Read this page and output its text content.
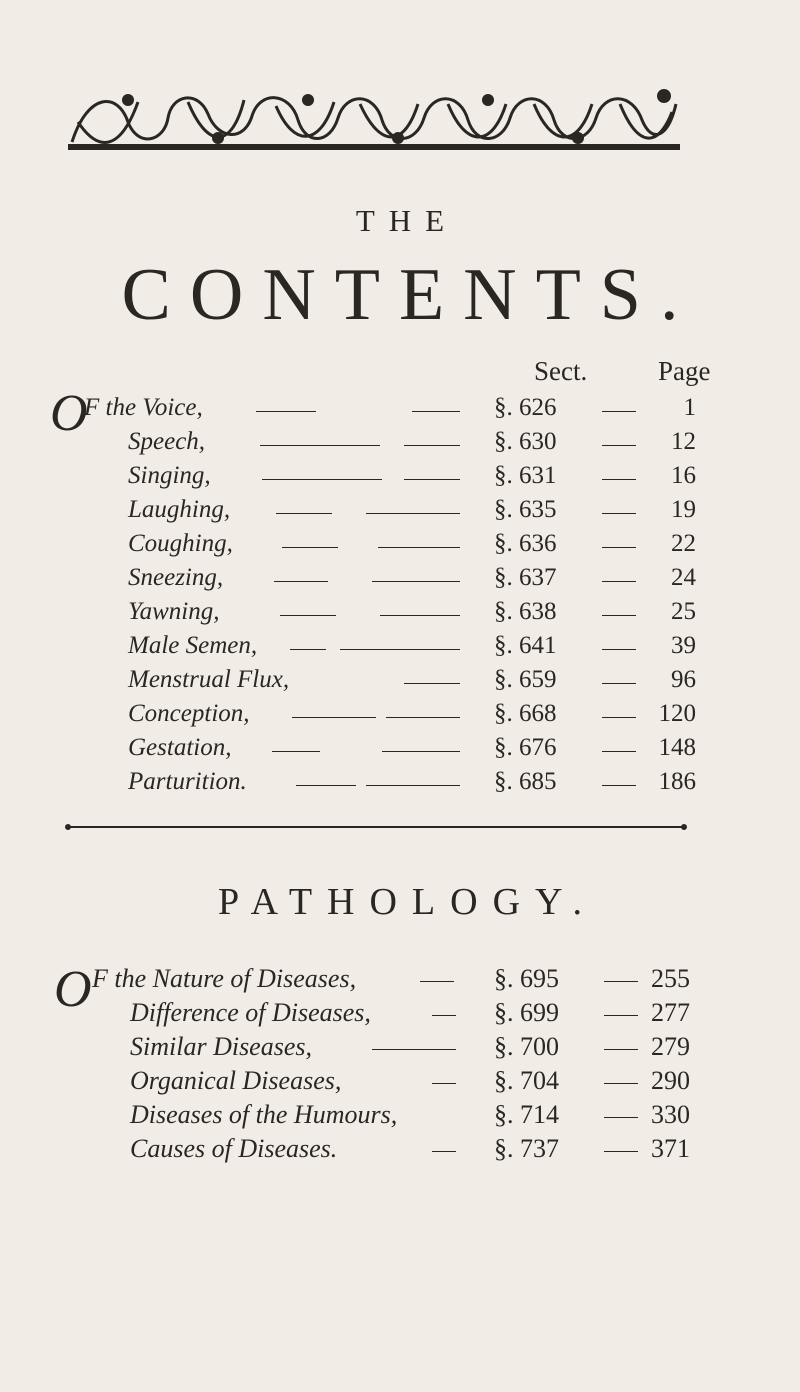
THE
CONTENTS.
Sect.	Page
O
F the Voice,	§. 626	1
Speech,	§. 630	12
Singing,	§. 631	16
Laughing,	§. 635	19
Coughing,	§. 636	22
Sneezing,	§. 637	24
Yawning,	§. 638	25
Male Semen,	§. 641	39
Menstrual Flux,	§. 659	96
Conception,	§. 668	120
Gestation,	§. 676	148
Parturition.	§. 685	186
PATHOLOGY.
O F the Nature of Diseases,	§. 695	255
Difference of Diseases,	§. 699	277
Similar Diseases,	§. 700	279
Organical Diseases,	§. 704	290
Diseases of the Humours,	§. 714	330
Causes of Diseases.	§. 737	371
